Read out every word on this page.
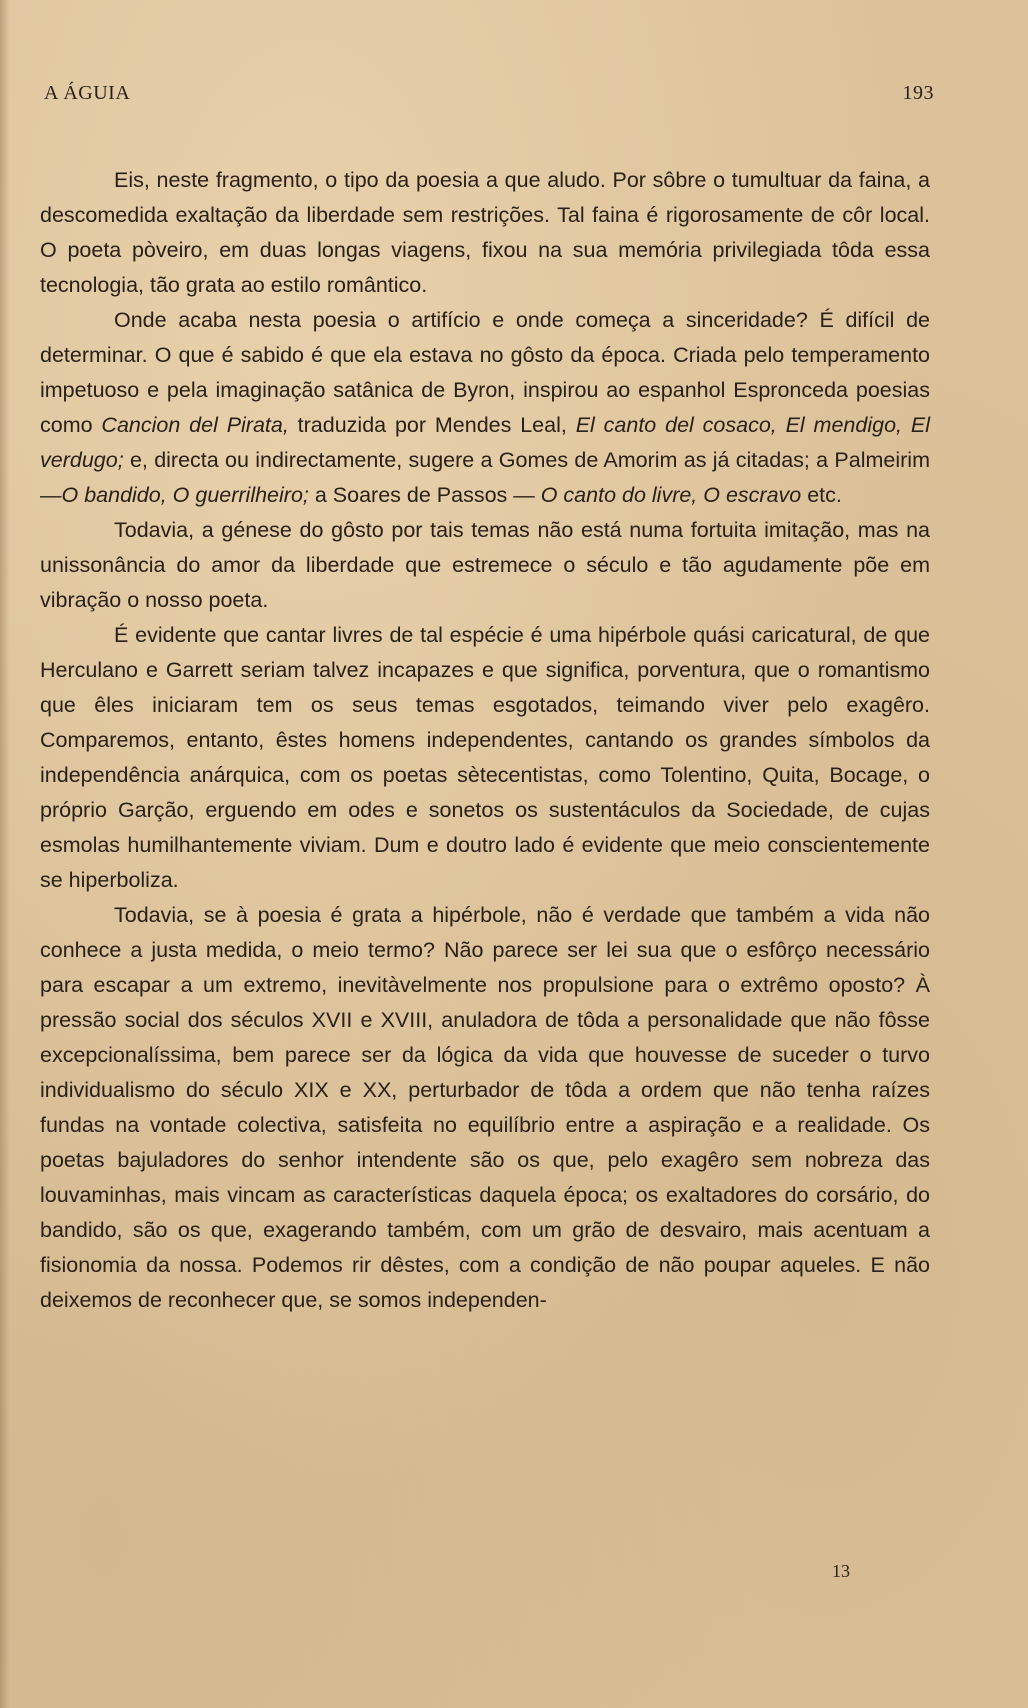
A ÁGUIA	193

Eis, neste fragmento, o tipo da poesia a que aludo. Por sôbre o tumultuar da faina, a descomedida exaltação da liberdade sem restrições. Tal faina é rigorosamente de côr local. O poeta pòveiro, em duas longas viagens, fixou na sua memória privilegiada tôda essa tecnologia, tão grata ao estilo romântico.

Onde acaba nesta poesia o artifício e onde começa a sinceridade? É difícil de determinar. O que é sabido é que ela estava no gôsto da época. Criada pelo temperamento impetuoso e pela imaginação satânica de Byron, inspirou ao espanhol Espronceda poesias como Cancion del Pirata, traduzida por Mendes Leal, El canto del cosaco, El mendigo, El verdugo; e, directa ou indirectamente, sugere a Gomes de Amorim as já citadas; a Palmeirim —O bandido, O guerrilheiro; a Soares de Passos — O canto do livre, O escravo etc.

Todavia, a génese do gôsto por tais temas não está numa fortuita imitação, mas na unissonância do amor da liberdade que estremece o século e tão agudamente põe em vibração o nosso poeta.

É evidente que cantar livres de tal espécie é uma hipérbole quási caricatural, de que Herculano e Garrett seriam talvez incapazes e que significa, porventura, que o romantismo que êles iniciaram tem os seus temas esgotados, teimando viver pelo exagêro. Comparemos, entanto, êstes homens independentes, cantando os grandes símbolos da independência anárquica, com os poetas sètecentistas, como Tolentino, Quita, Bocage, o próprio Garção, erguendo em odes e sonetos os sustentáculos da Sociedade, de cujas esmolas humilhantemente viviam. Dum e doutro lado é evidente que meio conscientemente se hiperboliza.

Todavia, se à poesia é grata a hipérbole, não é verdade que também a vida não conhece a justa medida, o meio termo? Não parece ser lei sua que o esfôrço necessário para escapar a um extremo, inevitàvelmente nos propulsione para o extrêmo oposto? À pressão social dos séculos XVII e XVIII, anuladora de tôda a personalidade que não fôsse excepcionalíssima, bem parece ser da lógica da vida que houvesse de suceder o turvo individualismo do século XIX e XX, perturbador de tôda a ordem que não tenha raízes fundas na vontade colectiva, satisfeita no equilíbrio entre a aspiração e a realidade. Os poetas bajuladores do senhor intendente são os que, pelo exagêro sem nobreza das louvaminhas, mais vincam as características daquela época; os exaltadores do corsário, do bandido, são os que, exagerando também, com um grão de desvairo, mais acentuam a fisionomia da nossa. Podemos rir dêstes, com a condição de não poupar aqueles. E não deixemos de reconhecer que, se somos independen-

13
